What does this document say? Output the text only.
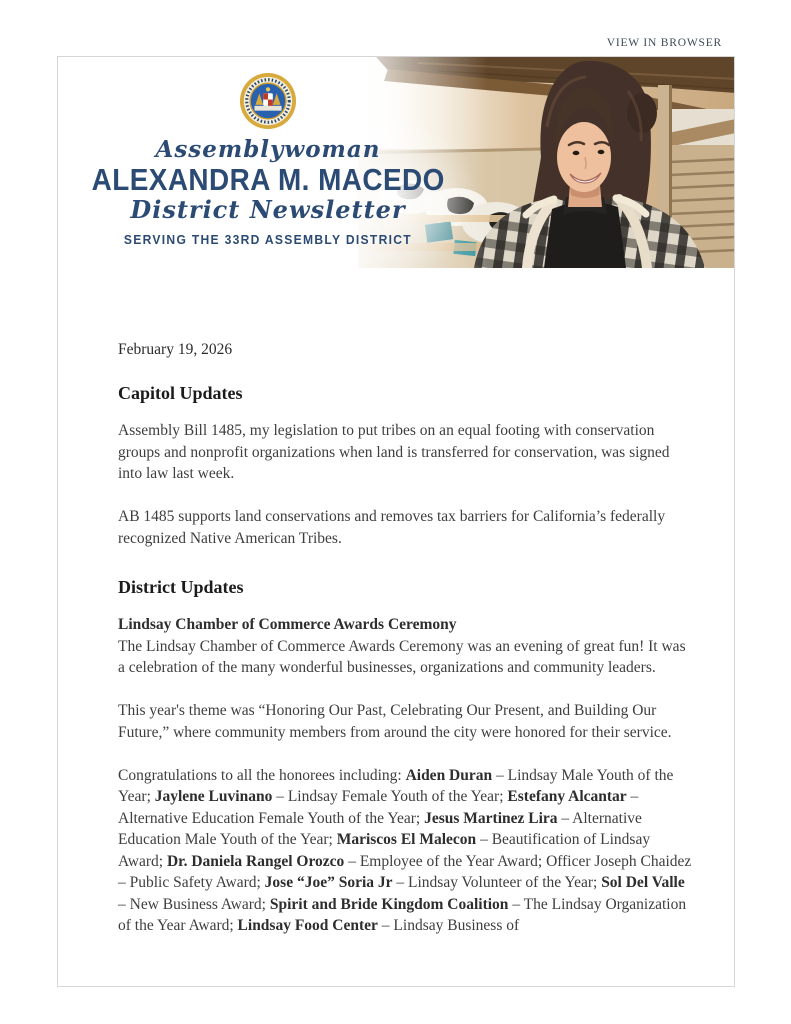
VIEW IN BROWSER
Assemblywoman
ALEXANDRA M. MACEDO
District Newsletter
SERVING THE 33RD ASSEMBLY DISTRICT

February 19, 2026

Capitol Updates

Assembly Bill 1485, my legislation to put tribes on an equal footing with conservation groups and nonprofit organizations when land is transferred for conservation, was signed into law last week.

AB 1485 supports land conservations and removes tax barriers for California’s federally recognized Native American Tribes.

District Updates

Lindsay Chamber of Commerce Awards Ceremony
The Lindsay Chamber of Commerce Awards Ceremony was an evening of great fun! It was a celebration of the many wonderful businesses, organizations and community leaders.

This year's theme was “Honoring Our Past, Celebrating Our Present, and Building Our Future,” where community members from around the city were honored for their service.

Congratulations to all the honorees including: Aiden Duran – Lindsay Male Youth of the Year; Jaylene Luvinano – Lindsay Female Youth of the Year; Estefany Alcantar – Alternative Education Female Youth of the Year; Jesus Martinez Lira – Alternative Education Male Youth of the Year; Mariscos El Malecon – Beautification of Lindsay Award; Dr. Daniela Rangel Orozco – Employee of the Year Award; Officer Joseph Chaidez – Public Safety Award; Jose “Joe” Soria Jr – Lindsay Volunteer of the Year; Sol Del Valle – New Business Award; Spirit and Bride Kingdom Coalition – The Lindsay Organization of the Year Award; Lindsay Food Center – Lindsay Business of
